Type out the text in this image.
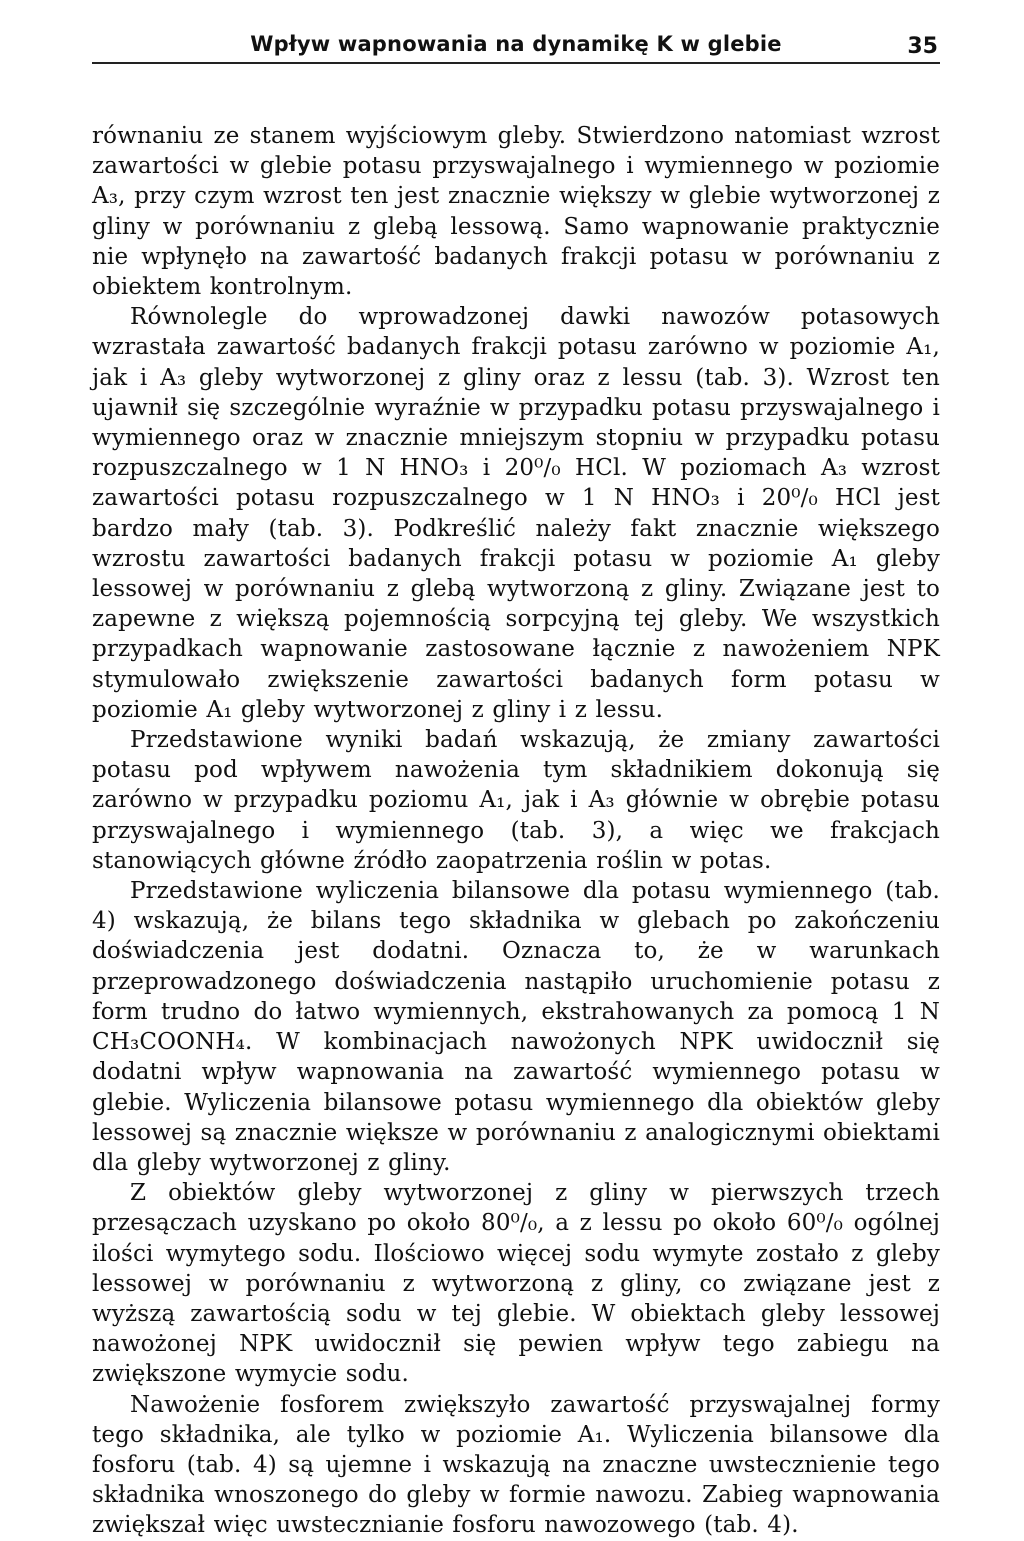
Wpływ wapnowania na dynamikę K w glebie	35

równaniu ze stanem wyjściowym gleby. Stwierdzono natomiast wzrost zawartości w glebie potasu przyswajalnego i wymiennego w poziomie A₃, przy czym wzrost ten jest znacznie większy w glebie wytworzonej z gliny w porównaniu z glebą lessową. Samo wapnowanie praktycznie nie wpłynęło na zawartość badanych frakcji potasu w porównaniu z obiektem kontrolnym.

Równolegle do wprowadzonej dawki nawozów potasowych wzrastała zawartość badanych frakcji potasu zarówno w poziomie A₁, jak i A₃ gleby wytworzonej z gliny oraz z lessu (tab. 3). Wzrost ten ujawnił się szczególnie wyraźnie w przypadku potasu przyswajalnego i wymiennego oraz w znacznie mniejszym stopniu w przypadku potasu rozpuszczalnego w 1 N HNO₃ i 20⁰/₀ HCl. W poziomach A₃ wzrost zawartości potasu rozpuszczalnego w 1 N HNO₃ i 20⁰/₀ HCl jest bardzo mały (tab. 3). Podkreślić należy fakt znacznie większego wzrostu zawartości badanych frakcji potasu w poziomie A₁ gleby lessowej w porównaniu z glebą wytworzoną z gliny. Związane jest to zapewne z większą pojemnością sorpcyjną tej gleby. We wszystkich przypadkach wapnowanie zastosowane łącznie z nawożeniem NPK stymulowało zwiększenie zawartości badanych form potasu w poziomie A₁ gleby wytworzonej z gliny i z lessu.

Przedstawione wyniki badań wskazują, że zmiany zawartości potasu pod wpływem nawożenia tym składnikiem dokonują się zarówno w przypadku poziomu A₁, jak i A₃ głównie w obrębie potasu przyswajalnego i wymiennego (tab. 3), a więc we frakcjach stanowiących główne źródło zaopatrzenia roślin w potas.

Przedstawione wyliczenia bilansowe dla potasu wymiennego (tab. 4) wskazują, że bilans tego składnika w glebach po zakończeniu doświadczenia jest dodatni. Oznacza to, że w warunkach przeprowadzonego doświadczenia nastąpiło uruchomienie potasu z form trudno do łatwo wymiennych, ekstrahowanych za pomocą 1 N CH₃COONH₄. W kombinacjach nawożonych NPK uwidocznił się dodatni wpływ wapnowania na zawartość wymiennego potasu w glebie. Wyliczenia bilansowe potasu wymiennego dla obiektów gleby lessowej są znacznie większe w porównaniu z analogicznymi obiektami dla gleby wytworzonej z gliny.

Z obiektów gleby wytworzonej z gliny w pierwszych trzech przesączach uzyskano po około 80⁰/₀, a z lessu po około 60⁰/₀ ogólnej ilości wymytego sodu. Ilościowo więcej sodu wymyte zostało z gleby lessowej w porównaniu z wytworzoną z gliny, co związane jest z wyższą zawartością sodu w tej glebie. W obiektach gleby lessowej nawożonej NPK uwidocznił się pewien wpływ tego zabiegu na zwiększone wymycie sodu.

Nawożenie fosforem zwiększyło zawartość przyswajalnej formy tego składnika, ale tylko w poziomie A₁. Wyliczenia bilansowe dla fosforu (tab. 4) są ujemne i wskazują na znaczne uwstecznienie tego składnika wnoszonego do gleby w formie nawozu. Zabieg wapnowania zwiększał więc uwstecznianie fosforu nawozowego (tab. 4).
